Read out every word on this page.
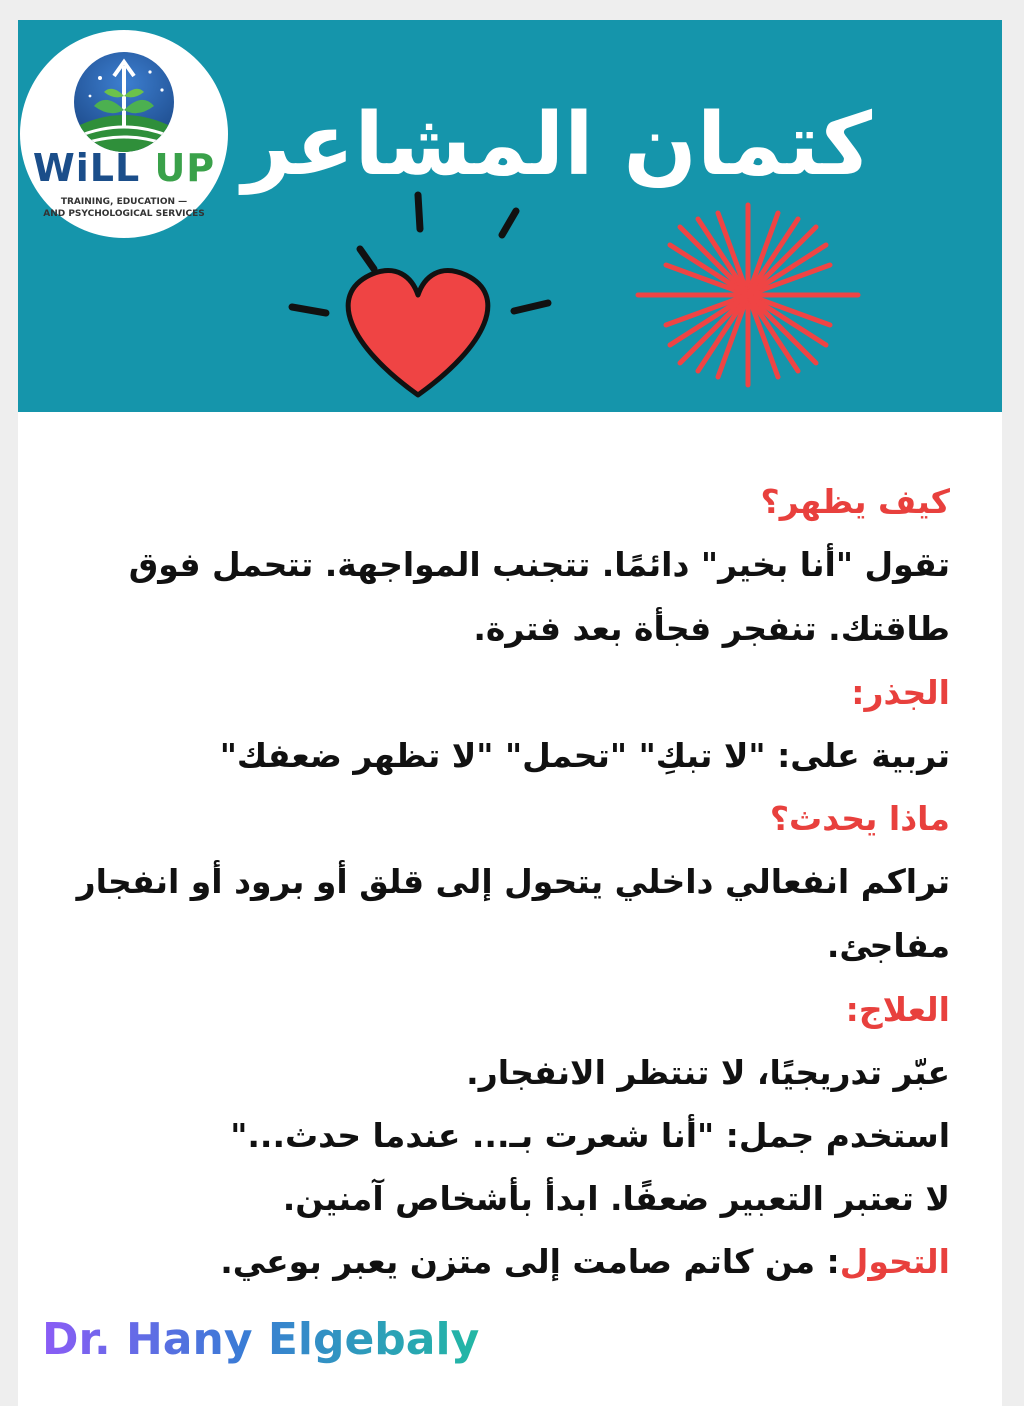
WiLL UP
TRAINING, EDUCATION —
AND PSYCHOLOGICAL SERVICES
كتمان المشاعر

كيف يظهر؟

تقول "أنا بخير" دائمًا. تتجنب المواجهة. تتحمل فوق طاقتك. تنفجر فجأة بعد فترة.

الجذر:

تربية على: "لا تبكِ" "تحمل" "لا تظهر ضعفك"

ماذا يحدث؟

تراكم انفعالي داخلي يتحول إلى قلق أو برود أو انفجار مفاجئ.

العلاج:

عبّر تدريجيًا، لا تنتظر الانفجار.

استخدم جمل: "أنا شعرت بـ... عندما حدث..."

لا تعتبر التعبير ضعفًا. ابدأ بأشخاص آمنين.

التحول: من كاتم صامت إلى متزن يعبر بوعي.

Dr. Hany Elgebaly
